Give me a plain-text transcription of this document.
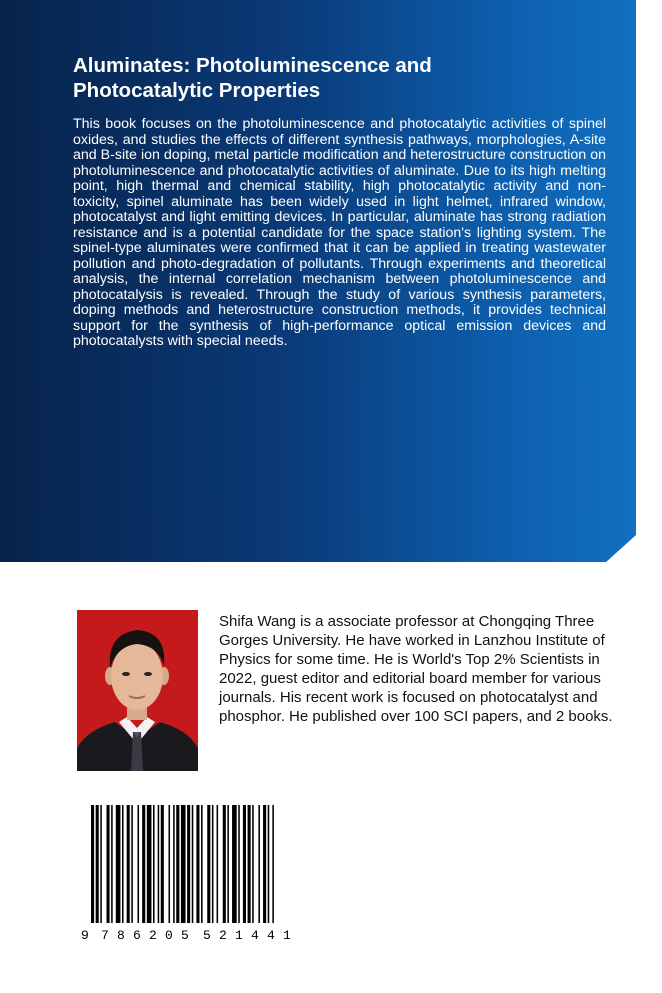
Aluminates: Photoluminescence and
Photocatalytic Properties

This book focuses on the photoluminescence and photocatalytic activities of spinel oxides, and studies the effects of different synthesis pathways, morphologies, A-site and B-site ion doping, metal particle modification and heterostructure construction on photoluminescence and photocatalytic activities of aluminate. Due to its high melting point, high thermal and chemical stability, high photocatalytic activity and non-toxicity, spinel aluminate has been widely used in light helmet, infrared window, photocatalyst and light emitting devices. In particular, aluminate has strong radiation resistance and is a potential candidate for the space station's lighting system. The spinel-type aluminates were confirmed that it can be applied in treating wastewater pollution and photo-degradation of pollutants. Through experiments and theoretical analysis, the internal correlation mechanism between photoluminescence and photocatalysis is revealed. Through the study of various synthesis parameters, doping methods and heterostructure construction methods, it provides technical support for the synthesis of high-performance optical emission devices and photocatalysts with special needs.

Shifa Wang is a associate professor at Chongqing Three Gorges University. He have worked in Lanzhou Institute of Physics for some time. He is World's Top 2% Scientists in 2022, guest editor and editorial board member for various journals. His recent work is focused on photocatalyst and phosphor. He published over 100 SCI papers, and 2 books.

9 7 8 6 2 0 5 5 2 1 4 4 1
